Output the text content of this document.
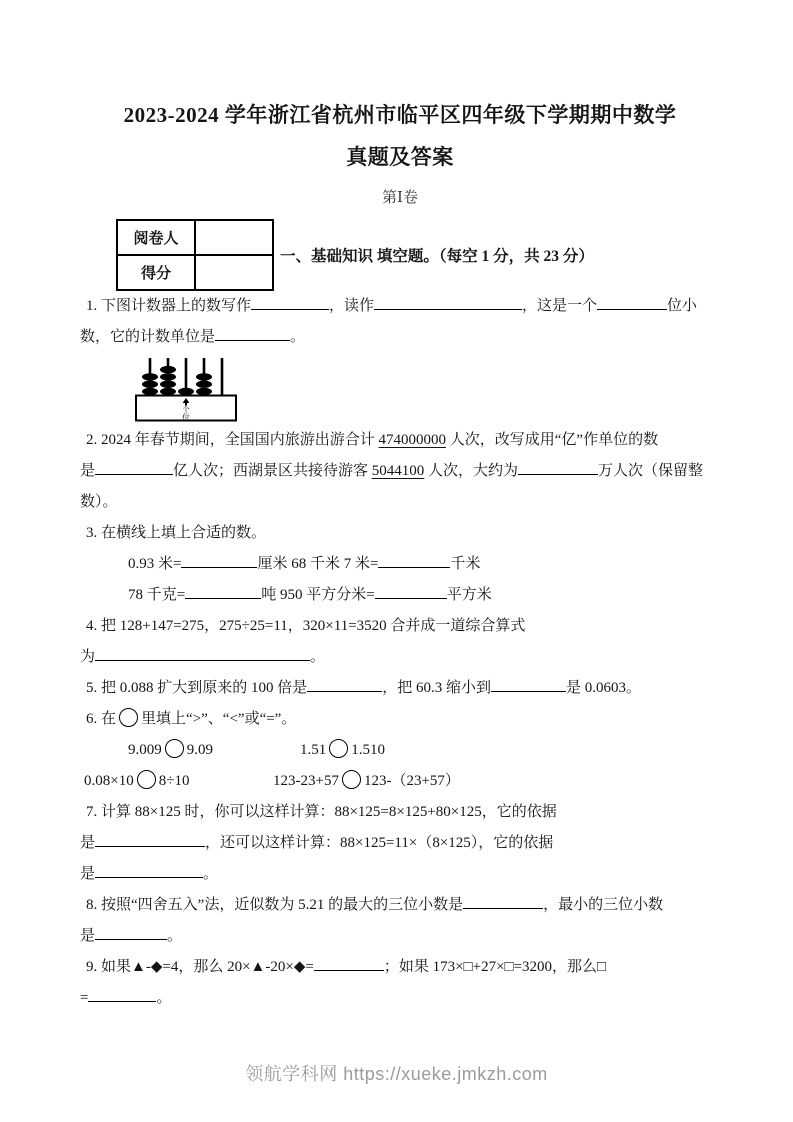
2023-2024 学年浙江省杭州市临平区四年级下学期期中数学
真题及答案
第Ⅰ卷
阅卷人	
得分	
一、基础知识 填空题。（每空 1 分，共 23 分）
1. 下图计数器上的数写作	，读作	，这是一个	位小
数，它的计数单位是	。
个
位
2. 2024 年春节期间，全国国内旅游出游合计 474000000 人次，改写成用“亿”作单位的数
是	亿人次；西湖景区共接待游客 5044100 人次，大约为	万人次（保留整
数）。
3. 在横线上填上合适的数。
0.93 米=	厘米 68 千米 7 米=	千米
78 千克=	吨 950 平方分米=	平方米
4. 把 128+147=275，275÷25=11，320×11=3520 合并成一道综合算式
为	。
5. 把 0.088 扩大到原来的 100 倍是	，把 60.3 缩小到	是 0.0603。
6. 在 里填上“>”、“<”或“=”。
9.009 9.09	1.51 1.510
0.08×10 8÷10	123-23+57 123-（23+57）
7. 计算 88×125 时，你可以这样计算：88×125=8×125+80×125，它的依据
是	，还可以这样计算：88×125=11×（8×125），它的依据
是	。
8. 按照“四舍五入”法，近似数为 5.21 的最大的三位小数是	，最小的三位小数
是	。
9. 如果▲-◆=4，那么 20×▲-20×◆=	；如果 173×□+27×□=3200，那么□
=	。
领航学科网 https://xueke.jmkzh.com
